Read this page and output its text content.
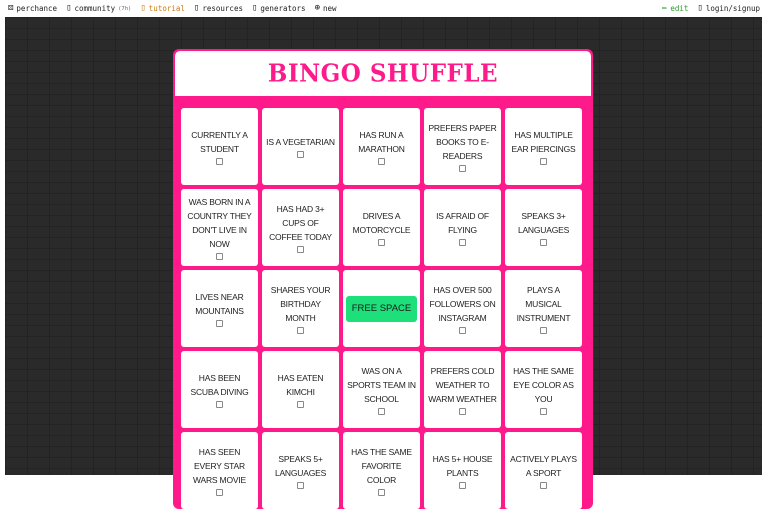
⚄ perchance ▯ community (7h) ▯ tutorial ▯ resources ▯ generators ⊕ new	✏ edit ▯ login/signup
BINGO SHUFFLE
CURRENTLY A STUDENT
IS A VEGETARIAN
HAS RUN A MARATHON
PREFERS PAPER BOOKS TO E-READERS
HAS MULTIPLE EAR PIERCINGS
WAS BORN IN A COUNTRY THEY DON'T LIVE IN NOW
HAS HAD 3+ CUPS OF COFFEE TODAY
DRIVES A MOTORCYCLE
IS AFRAID OF FLYING
SPEAKS 3+ LANGUAGES
LIVES NEAR MOUNTAINS
SHARES YOUR BIRTHDAY MONTH
FREE SPACE
HAS OVER 500 FOLLOWERS ON INSTAGRAM
PLAYS A MUSICAL INSTRUMENT
HAS BEEN SCUBA DIVING
HAS EATEN KIMCHI
WAS ON A SPORTS TEAM IN SCHOOL
PREFERS COLD WEATHER TO WARM WEATHER
HAS THE SAME EYE COLOR AS YOU
HAS SEEN EVERY STAR WARS MOVIE
SPEAKS 5+ LANGUAGES
HAS THE SAME FAVORITE COLOR
HAS 5+ HOUSE PLANTS
ACTIVELY PLAYS A SPORT
